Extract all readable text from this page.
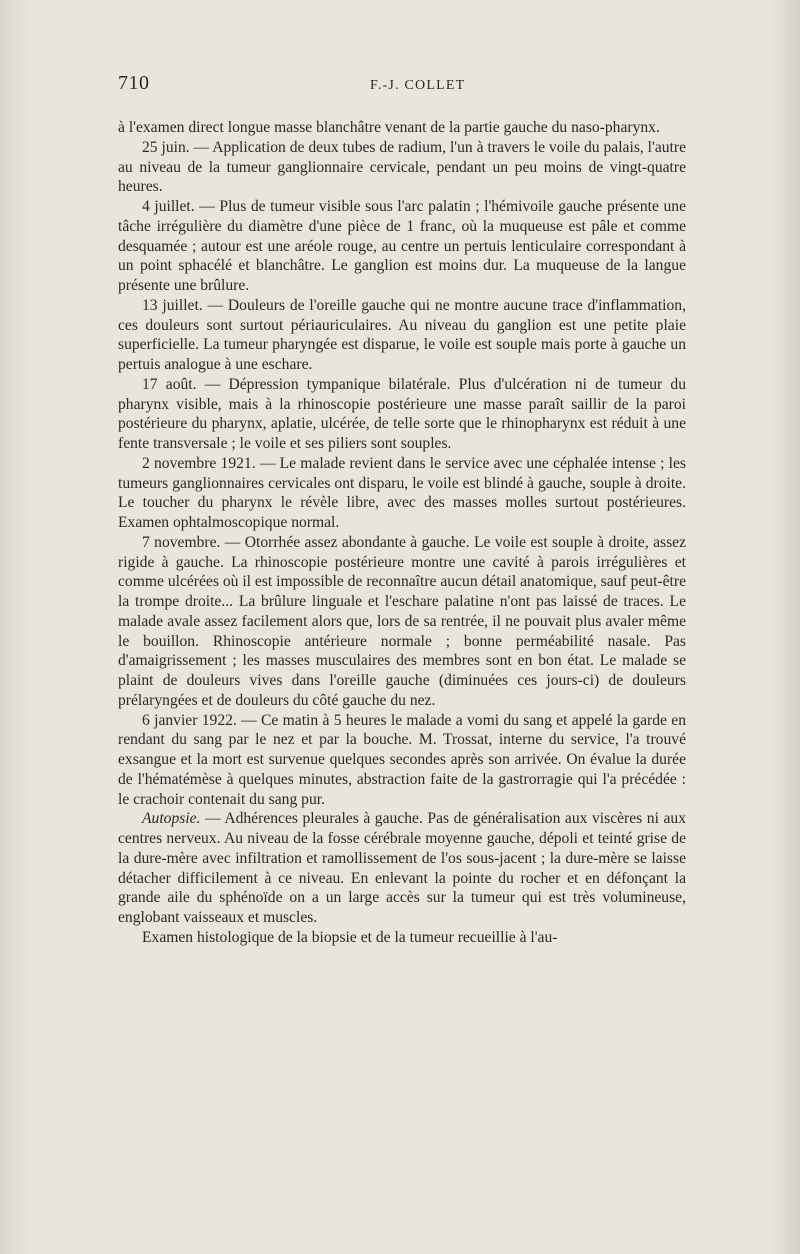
710	F.-J. COLLET

à l'examen direct longue masse blanchâtre venant de la partie gauche du naso-pharynx.

25 juin. — Application de deux tubes de radium, l'un à travers le voile du palais, l'autre au niveau de la tumeur ganglionnaire cervicale, pendant un peu moins de vingt-quatre heures.

4 juillet. — Plus de tumeur visible sous l'arc palatin ; l'hémivoile gauche présente une tâche irrégulière du diamètre d'une pièce de 1 franc, où la muqueuse est pâle et comme desquamée ; autour est une aréole rouge, au centre un pertuis lenticulaire correspondant à un point sphacélé et blanchâtre. Le ganglion est moins dur. La muqueuse de la langue présente une brûlure.

13 juillet. — Douleurs de l'oreille gauche qui ne montre aucune trace d'inflammation, ces douleurs sont surtout périauriculaires. Au niveau du ganglion est une petite plaie superficielle. La tumeur pharyngée est disparue, le voile est souple mais porte à gauche un pertuis analogue à une eschare.

17 août. — Dépression tympanique bilatérale. Plus d'ulcération ni de tumeur du pharynx visible, mais à la rhinoscopie postérieure une masse paraît saillir de la paroi postérieure du pharynx, aplatie, ulcérée, de telle sorte que le rhinopharynx est réduit à une fente transversale ; le voile et ses piliers sont souples.

2 novembre 1921. — Le malade revient dans le service avec une céphalée intense ; les tumeurs ganglionnaires cervicales ont disparu, le voile est blindé à gauche, souple à droite. Le toucher du pharynx le révèle libre, avec des masses molles surtout postérieures. Examen ophtalmoscopique normal.

7 novembre. — Otorrhée assez abondante à gauche. Le voile est souple à droite, assez rigide à gauche. La rhinoscopie postérieure montre une cavité à parois irrégulières et comme ulcérées où il est impossible de reconnaître aucun détail anatomique, sauf peut-être la trompe droite... La brûlure linguale et l'eschare palatine n'ont pas laissé de traces. Le malade avale assez facilement alors que, lors de sa rentrée, il ne pouvait plus avaler même le bouillon. Rhinoscopie antérieure normale ; bonne perméabilité nasale. Pas d'amaigrissement ; les masses musculaires des membres sont en bon état. Le malade se plaint de douleurs vives dans l'oreille gauche (diminuées ces jours-ci) de douleurs prélaryngées et de douleurs du côté gauche du nez.

6 janvier 1922. — Ce matin à 5 heures le malade a vomi du sang et appelé la garde en rendant du sang par le nez et par la bouche. M. Trossat, interne du service, l'a trouvé exsangue et la mort est survenue quelques secondes après son arrivée. On évalue la durée de l'hématémèse à quelques minutes, abstraction faite de la gastrorragie qui l'a précédée : le crachoir contenait du sang pur.

Autopsie. — Adhérences pleurales à gauche. Pas de généralisation aux viscères ni aux centres nerveux. Au niveau de la fosse cérébrale moyenne gauche, dépoli et teinté grise de la dure-mère avec infiltration et ramollissement de l'os sous-jacent ; la dure-mère se laisse détacher difficilement à ce niveau. En enlevant la pointe du rocher et en défonçant la grande aile du sphénoïde on a un large accès sur la tumeur qui est très volumineuse, englobant vaisseaux et muscles.

Examen histologique de la biopsie et de la tumeur recueillie à l'au-
